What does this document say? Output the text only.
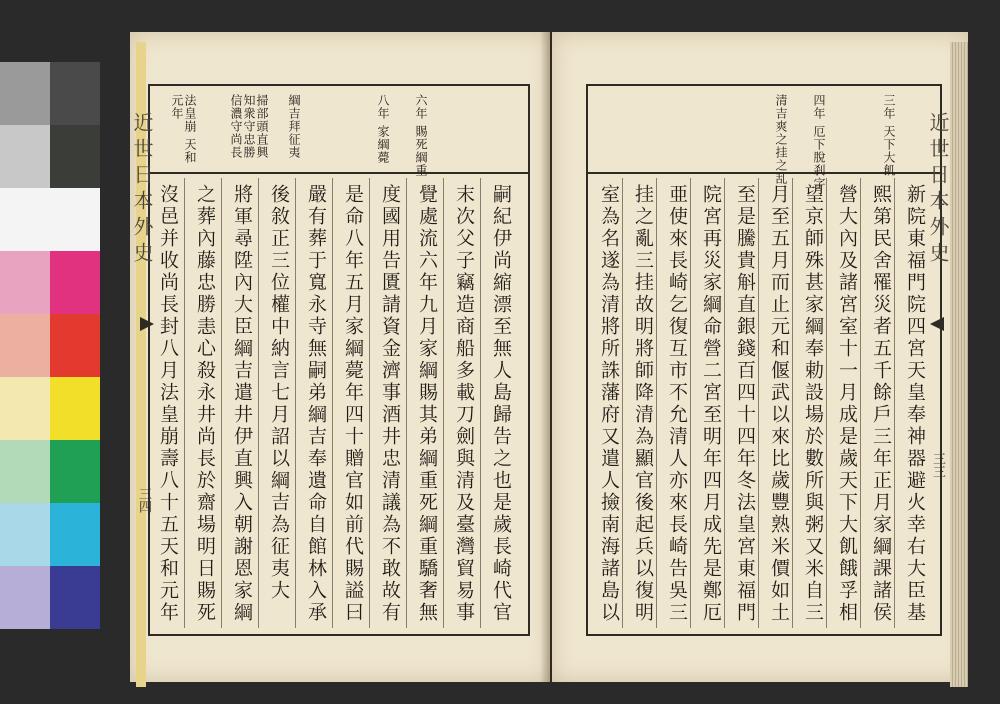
近世日本外史
三四
六年 賜死綱重
八年 家綱薨
綱吉拜征夷
掃部頭直興 知衆守忠勝 信濃守尚長
法皇崩 天和元年
嗣紀伊尚縮漂至無人島歸告之也是歲長崎代官
末次父子竊造商船多載刀劍與清及臺灣貿易事
覺處流六年九月家綱賜其弟綱重死綱重驕奢無
度國用告匱請資金濟事酒井忠清議為不敢故有
是命八年五月家綱薨年四十贈官如前代賜謚曰
嚴有葬于寬永寺無嗣弟綱吉奉遺命自館林入承
後敘正三位權中納言七月詔以綱吉為征夷大
將軍尋陞內大臣綱吉遣井伊直興入朝謝恩家綱
之葬內藤忠勝恚心殺永井尚長於齋場明日賜死
沒邑并收尚長封八月法皇崩壽八十五天和元年	近世日本外史
三三
三年 天下大飢
四年 厄下脫刹字
清吉爽之挂之乱
新院東福門院四宮天皇奉神器避火幸右大臣基
熙第民舍罹災者五千餘戶三年正月家綱課諸侯
營大內及諸宮室十一月成是歲天下大飢餓孚相
望京師殊甚家綱奉勅設場於數所與粥又米自三
月至五月而止元和偃武以來比歲豐熟米價如土
至是騰貴斛直銀錢百四十四年冬法皇宮東福門
院宮再災家綱命營二宮至明年四月成先是鄭厄
亜使來長崎乞復互市不允清人亦來長崎告吳三
挂之亂三挂故明將師降清為顯官後起兵以復明
室為名遂為清將所誅藩府又遣人撿南海諸島以
